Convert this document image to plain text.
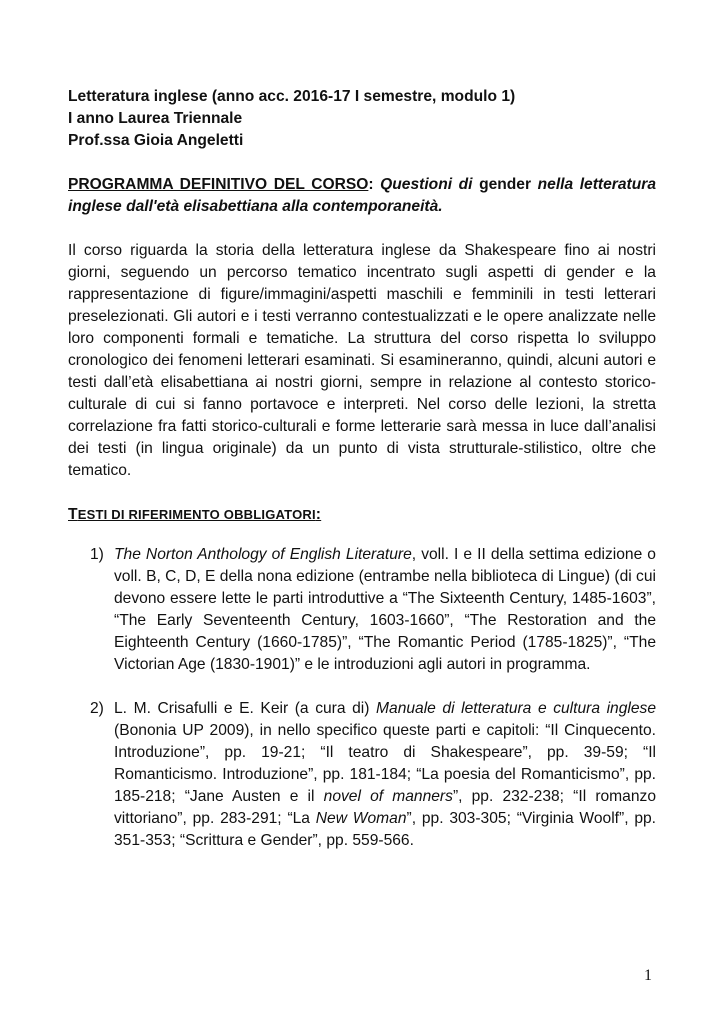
Letteratura inglese (anno acc. 2016-17 I semestre, modulo 1)

I anno Laurea Triennale

Prof.ssa Gioia Angeletti

PROGRAMMA DEFINITIVO DEL CORSO: Questioni di gender nella letteratura inglese dall'età elisabettiana alla contemporaneità.

Il corso riguarda la storia della letteratura inglese da Shakespeare fino ai nostri giorni, seguendo un percorso tematico incentrato sugli aspetti di gender e la rappresentazione di figure/immagini/aspetti maschili e femminili in testi letterari preselezionati. Gli autori e i testi verranno contestualizzati e le opere analizzate nelle loro componenti formali e tematiche. La struttura del corso rispetta lo sviluppo cronologico dei fenomeni letterari esaminati. Si esamineranno, quindi, alcuni autori e testi dall’età elisabettiana ai nostri giorni, sempre in relazione al contesto storico-culturale di cui si fanno portavoce e interpreti. Nel corso delle lezioni, la stretta correlazione fra fatti storico-culturali e forme letterarie sarà messa in luce dall’analisi dei testi (in lingua originale) da un punto di vista strutturale-stilistico, oltre che tematico.

TESTI DI RIFERIMENTO OBBLIGATORI:

1) The Norton Anthology of English Literature, voll. I e II della settima edizione o voll. B, C, D, E della nona edizione (entrambe nella biblioteca di Lingue) (di cui devono essere lette le parti introduttive a “The Sixteenth Century, 1485-1603”, “The Early Seventeenth Century, 1603-1660”, “The Restoration and the Eighteenth Century (1660-1785)”, “The Romantic Period (1785-1825)”, “The Victorian Age (1830-1901)” e le introduzioni agli autori in programma.
2) L. M. Crisafulli e E. Keir (a cura di) Manuale di letteratura e cultura inglese (Bononia UP 2009), in nello specifico queste parti e capitoli: “Il Cinquecento. Introduzione”, pp. 19-21; “Il teatro di Shakespeare”, pp. 39-59; “Il Romanticismo. Introduzione”, pp. 181-184; “La poesia del Romanticismo”, pp. 185-218; “Jane Austen e il novel of manners”, pp. 232-238; “Il romanzo vittoriano”, pp. 283-291; “La New Woman”, pp. 303-305; “Virginia Woolf”, pp. 351-353; “Scrittura e Gender”, pp. 559-566.
1
